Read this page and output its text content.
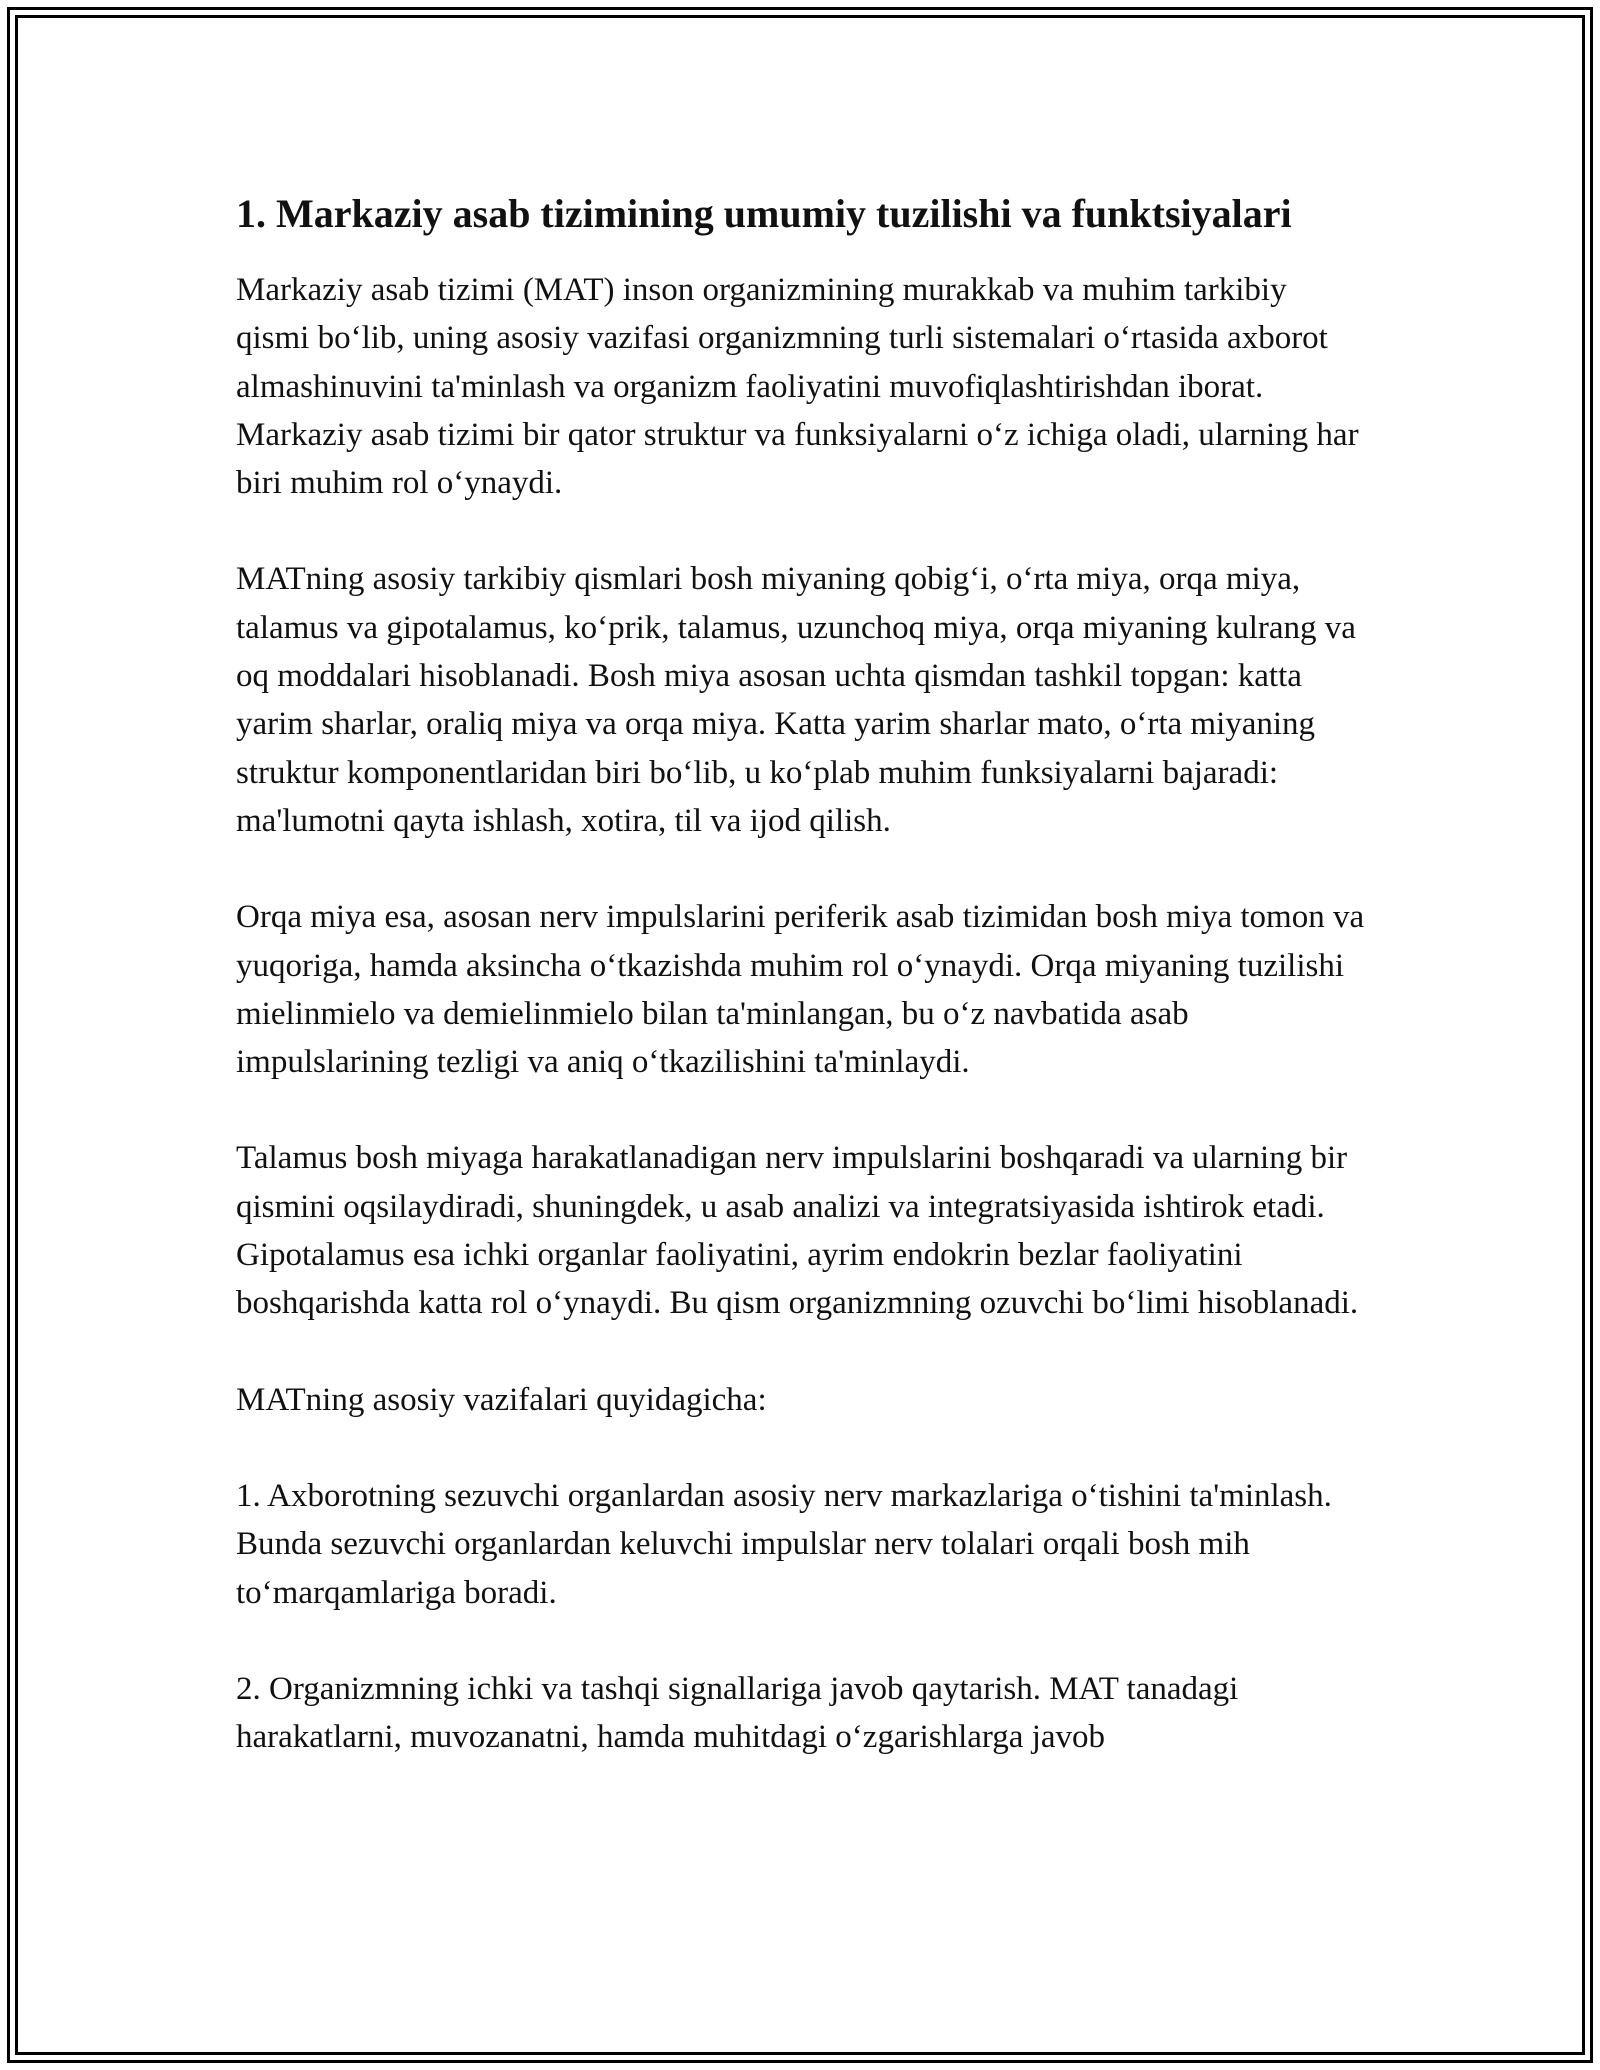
1. Markaziy asab tizimining umumiy tuzilishi va funktsiyalari

Markaziy asab tizimi (MAT) inson organizmining murakkab va muhim tarkibiy qismi bo‘lib, uning asosiy vazifasi organizmning turli sistemalari o‘rtasida axborot almashinuvini ta'minlash va organizm faoliyatini muvofiqlashtirishdan iborat. Markaziy asab tizimi bir qator struktur va funksiyalarni o‘z ichiga oladi, ularning har biri muhim rol o‘ynaydi.

MATning asosiy tarkibiy qismlari bosh miyaning qobig‘i, o‘rta miya, orqa miya, talamus va gipotalamus, ko‘prik, talamus, uzunchoq miya, orqa miyaning kulrang va oq moddalari hisoblanadi. Bosh miya asosan uchta qismdan tashkil topgan: katta yarim sharlar, oraliq miya va orqa miya. Katta yarim sharlar mato, o‘rta miyaning struktur komponentlaridan biri bo‘lib, u ko‘plab muhim funksiyalarni bajaradi: ma'lumotni qayta ishlash, xotira, til va ijod qilish.

Orqa miya esa, asosan nerv impulslarini periferik asab tizimidan bosh miya tomon va yuqoriga, hamda aksincha o‘tkazishda muhim rol o‘ynaydi. Orqa miyaning tuzilishi mielinmielo va demielinmielo bilan ta'minlangan, bu o‘z navbatida asab impulslarining tezligi va aniq o‘tkazilishini ta'minlaydi.

Talamus bosh miyaga harakatlanadigan nerv impulslarini boshqaradi va ularning bir qismini oqsilaydiradi, shuningdek, u asab analizi va integratsiyasida ishtirok etadi. Gipotalamus esa ichki organlar faoliyatini, ayrim endokrin bezlar faoliyatini boshqarishda katta rol o‘ynaydi. Bu qism organizmning ozuvchi bo‘limi hisoblanadi.

MATning asosiy vazifalari quyidagicha:

1. Axborotning sezuvchi organlardan asosiy nerv markazlariga o‘tishini ta'minlash. Bunda sezuvchi organlardan keluvchi impulslar nerv tolalari orqali bosh mih to‘marqamlariga boradi.

2. Organizmning ichki va tashqi signallariga javob qaytarish. MAT tanadagi harakatlarni, muvozanatni, hamda muhitdagi o‘zgarishlarga javob
